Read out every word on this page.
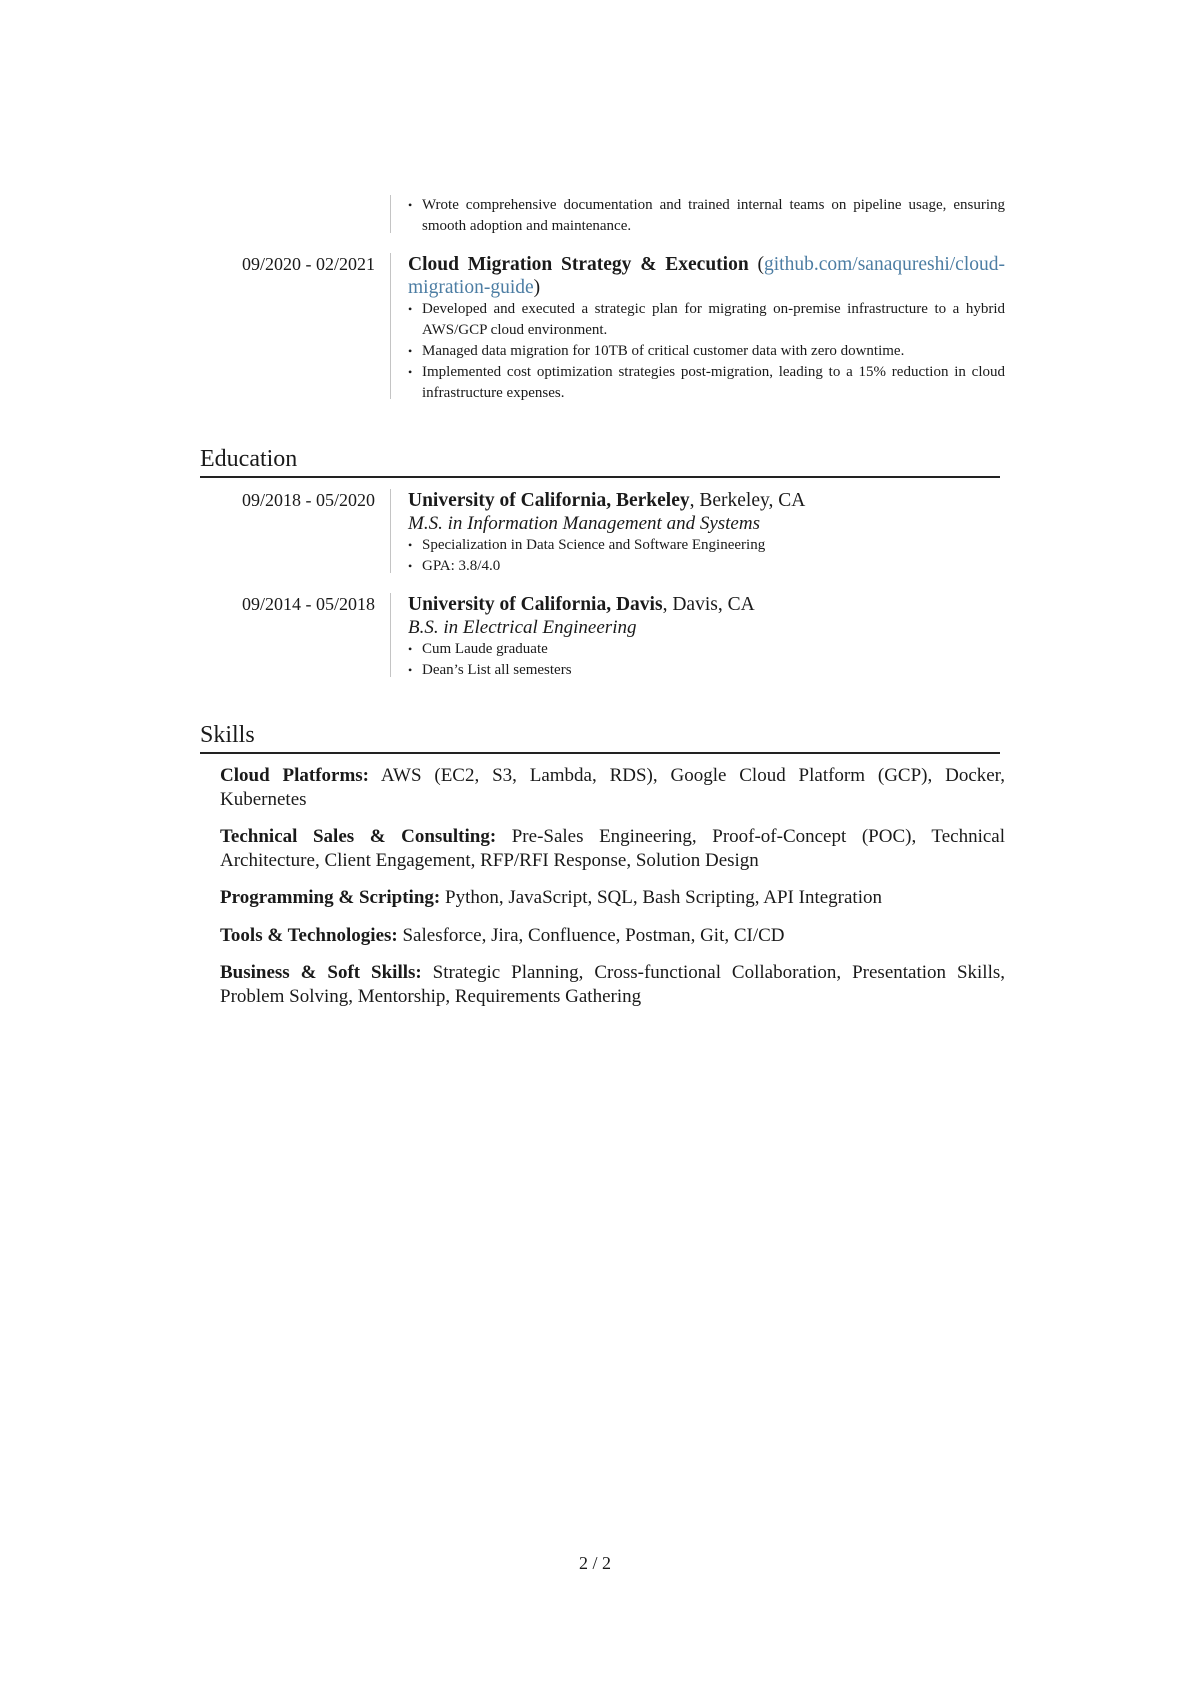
• Wrote comprehensive documentation and trained internal teams on pipeline usage, ensuring smooth adoption and maintenance.
09/2020 - 02/2021 Cloud Migration Strategy & Execution (github.com/sanaqureshi/cloud-migration-guide)
• Developed and executed a strategic plan for migrating on-premise infrastructure to a hybrid AWS/GCP cloud environment.
• Managed data migration for 10TB of critical customer data with zero downtime.
• Implemented cost optimization strategies post-migration, leading to a 15% reduction in cloud infrastructure expenses.
Education
09/2018 - 05/2020 University of California, Berkeley, Berkeley, CA
M.S. in Information Management and Systems
• Specialization in Data Science and Software Engineering
• GPA: 3.8/4.0
09/2014 - 05/2018 University of California, Davis, Davis, CA
B.S. in Electrical Engineering
• Cum Laude graduate
• Dean’s List all semesters
Skills

Cloud Platforms: AWS (EC2, S3, Lambda, RDS), Google Cloud Platform (GCP), Docker, Kubernetes

Technical Sales & Consulting: Pre-Sales Engineering, Proof-of-Concept (POC), Technical Architecture, Client Engagement, RFP/RFI Response, Solution Design

Programming & Scripting: Python, JavaScript, SQL, Bash Scripting, API Integration

Tools & Technologies: Salesforce, Jira, Confluence, Postman, Git, CI/CD

Business & Soft Skills: Strategic Planning, Cross-functional Collaboration, Presentation Skills, Problem Solving, Mentorship, Requirements Gathering

2 / 2
